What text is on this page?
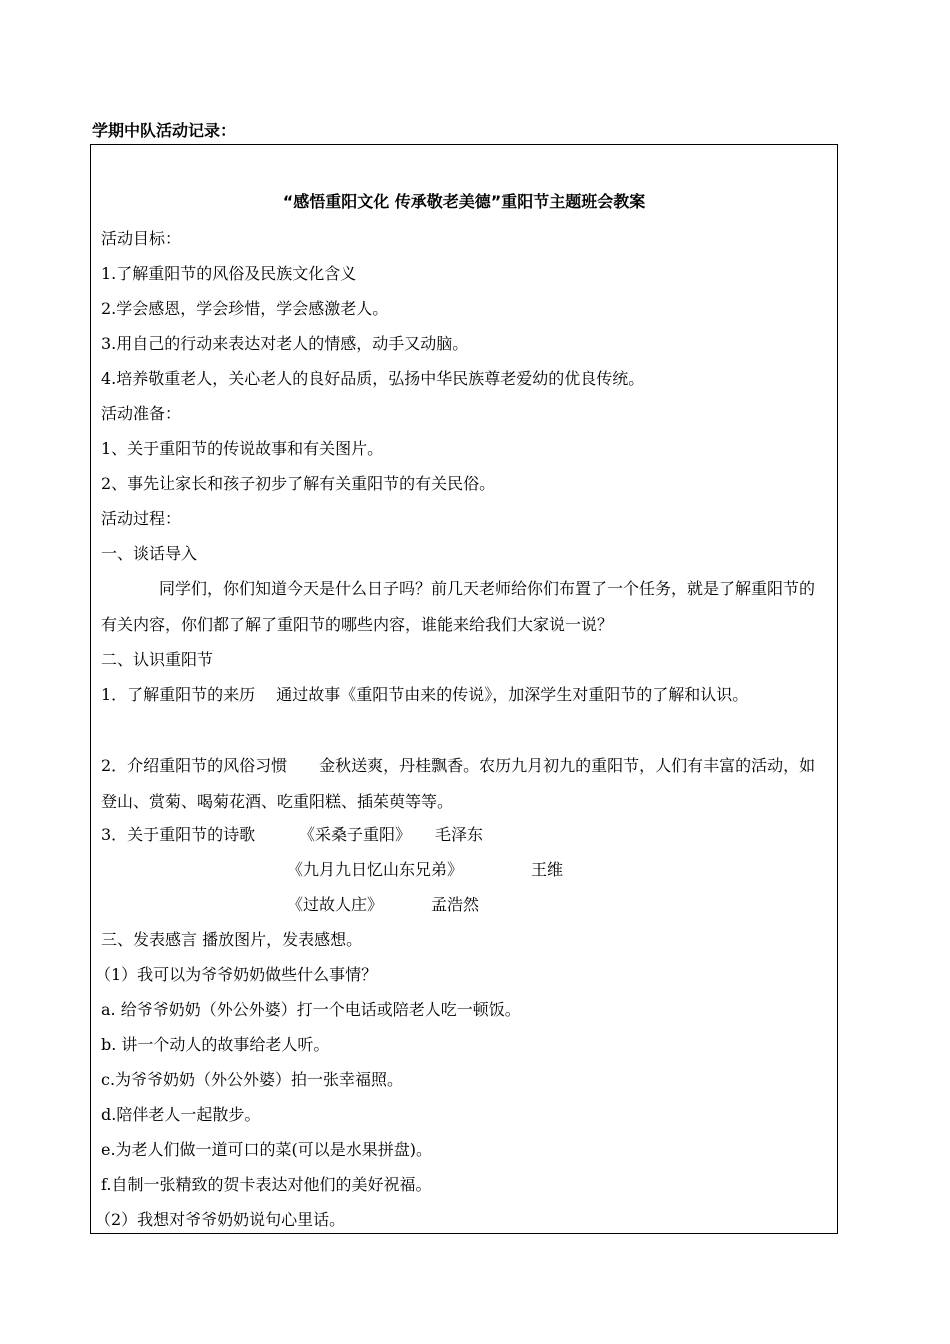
学期中队活动记录：
“感悟重阳文化 传承敬老美德”重阳节主题班会教案
活动目标：
1.了解重阳节的风俗及民族文化含义
2.学会感恩，学会珍惜，学会感激老人。
3.用自己的行动来表达对老人的情感，动手又动脑。
4.培养敬重老人，关心老人的良好品质，弘扬中华民族尊老爱幼的优良传统。
活动准备：
1、关于重阳节的传说故事和有关图片。
2、事先让家长和孩子初步了解有关重阳节的有关民俗。
活动过程：
一、谈话导入
同学们，你们知道今天是什么日子吗？前几天老师给你们布置了一个任务，就是了解重阳节的有关内容，你们都了解了重阳节的哪些内容，谁能来给我们大家说一说？
二、认识重阳节
1．了解重阳节的来历　 通过故事《重阳节由来的传说》，加深学生对重阳节的了解和认识。
2．介绍重阳节的风俗习惯　　金秋送爽，丹桂飘香。农历九月初九的重阳节，人们有丰富的活动，如登山、赏菊、喝菊花酒、吃重阳糕、插茱萸等等。
3．关于重阳节的诗歌	《采桑子重阳》 毛泽东
《九月九日忆山东兄弟》	王维
《过故人庄》	孟浩然
三、发表感言 播放图片，发表感想。
（1）我可以为爷爷奶奶做些什么事情？
a. 给爷爷奶奶（外公外婆）打一个电话或陪老人吃一顿饭。
b. 讲一个动人的故事给老人听。
c.为爷爷奶奶（外公外婆）拍一张幸福照。
d.陪伴老人一起散步。
e.为老人们做一道可口的菜(可以是水果拼盘)。
f.自制一张精致的贺卡表达对他们的美好祝福。
（2）我想对爷爷奶奶说句心里话。
